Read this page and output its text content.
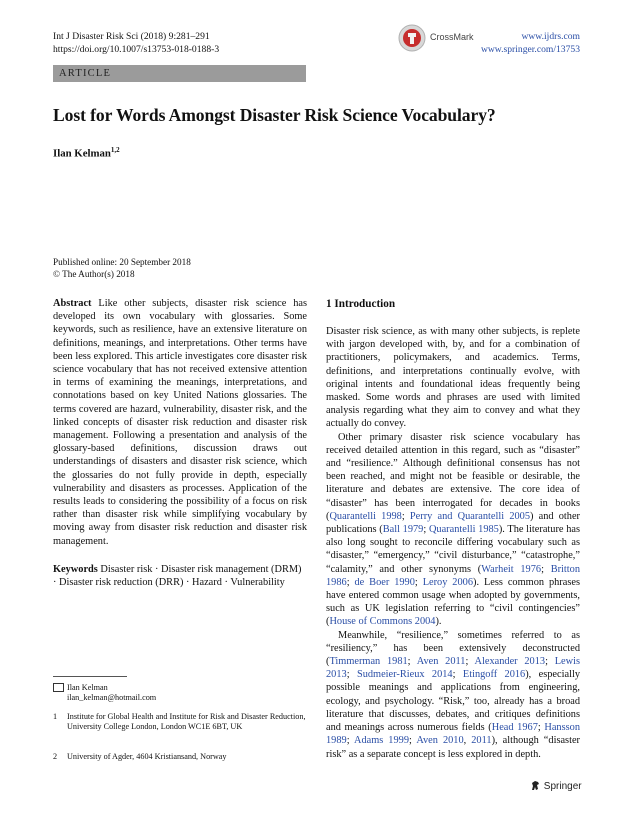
Int J Disaster Risk Sci (2018) 9:281–291
https://doi.org/10.1007/s13753-018-0188-3
CrossMark	www.ijdrs.com
www.springer.com/13753
ARTICLE
Lost for Words Amongst Disaster Risk Science Vocabulary?
Ilan Kelman$^{1,2}$
Published online: 20 September 2018
© The Author(s) 2018

Abstract Like other subjects, disaster risk science has developed its own vocabulary with glossaries. Some keywords, such as resilience, have an extensive literature on definitions, meanings, and interpretations. Other terms have been less explored. This article investigates core disaster risk science vocabulary that has not received extensive attention in terms of examining the meanings, interpretations, and connotations based on key United Nations glossaries. The terms covered are hazard, vulnerability, disaster risk, and the linked concepts of disaster risk reduction and disaster risk management. Following a presentation and analysis of the glossary-based definitions, discussion draws out understandings of disasters and disaster risk science, which the glossaries do not fully provide in depth, especially vulnerability and disasters as processes. Application of the results leads to considering the possibility of a focus on risk rather than disaster risk while simplifying vocabulary by moving away from disaster risk reduction and disaster risk management.

Keywords Disaster risk · Disaster risk management (DRM) · Disaster risk reduction (DRR) · Hazard · Vulnerability
Ilan Kelman
ilan_kelman@hotmail.com
1 Institute for Global Health and Institute for Risk and Disaster Reduction, University College London, London WC1E 6BT, UK
2 University of Agder, 4604 Kristiansand, Norway
1 Introduction

Disaster risk science, as with many other subjects, is replete with jargon developed with, by, and for a combination of practitioners, policymakers, and academics. Terms, definitions, and interpretations continually evolve, with original intents and foundational ideas frequently being masked. Some words and phrases are used with limited analysis regarding what they aim to convey and what they actually do convey.

Other primary disaster risk science vocabulary has received detailed attention in this regard, such as “disaster” and “resilience.” Although definitional consensus has not been reached, and might not be feasible or desirable, the literature and debates are extensive. The core idea of “disaster” has been interrogated for decades in books (Quarantelli 1998; Perry and Quarantelli 2005) and other publications (Ball 1979; Quarantelli 1985). The literature has also long sought to reconcile differing vocabulary such as “disaster,” “emergency,” “civil disturbance,” “catastrophe,” “calamity,” and other synonyms (Warheit 1976; Britton 1986; de Boer 1990; Leroy 2006). Less common phrases have entered common usage when adopted by governments, such as UK legislation referring to “civil contingencies” (House of Commons 2004).

Meanwhile, “resilience,” sometimes referred to as “resiliency,” has been extensively deconstructed (Timmerman 1981; Aven 2011; Alexander 2013; Lewis 2013; Sudmeier-Rieux 2014; Etingoff 2016), especially possible meanings and applications from engineering, ecology, and psychology. “Risk,” too, already has a broad literature that discusses, debates, and critiques definitions and meanings across numerous fields (Head 1967; Hansson 1989; Adams 1999; Aven 2010, 2011), although “disaster risk” as a separate concept is less explored in depth.

Springer
